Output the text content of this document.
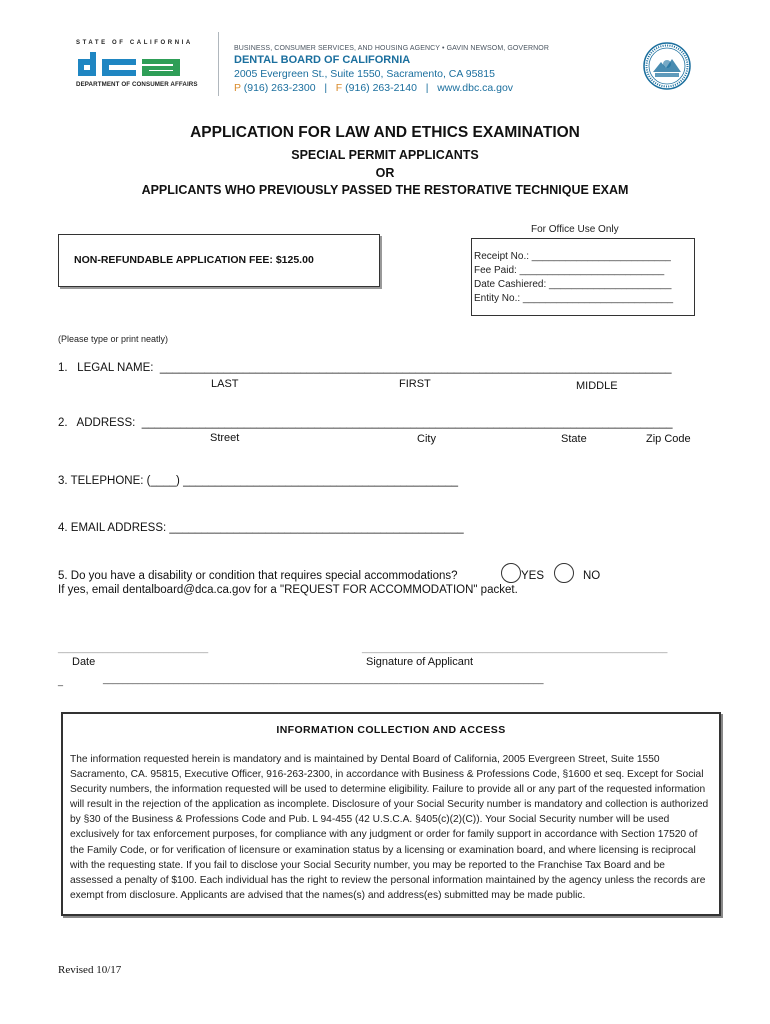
STATE OF CALIFORNIA
dca
DEPARTMENT OF CONSUMER AFFAIRS
BUSINESS, CONSUMER SERVICES, AND HOUSING AGENCY • GAVIN NEWSOM, GOVERNOR
DENTAL BOARD OF CALIFORNIA
2005 Evergreen St., Suite 1550, Sacramento, CA 95815
P (916) 263-2300   |   F (916) 263-2140   |   www.dbc.ca.gov
APPLICATION FOR LAW AND ETHICS EXAMINATION
SPECIAL PERMIT APPLICANTS
OR
APPLICANTS WHO PREVIOUSLY PASSED THE RESTORATIVE TECHNIQUE EXAM
NON-REFUNDABLE APPLICATION FEE: $125.00
For Office Use Only
Receipt No.: _________________________
Fee Paid: __________________________
Date Cashiered: ______________________
Entity No.: ___________________________
(Please type or print neatly)
1.   LEGAL NAME:  ________________________________________________________________________________
LAST	FIRST	MIDDLE
2.   ADDRESS:  ___________________________________________________________________________________
Street	City	State	Zip Code
3. TELEPHONE: (____) ___________________________________________
4. EMAIL ADDRESS: ______________________________________________
5. Do you have a disability or condition that requires special accommodations?	YES	NO
If yes, email dentalboard@dca.ca.gov for a "REQUEST FOR ACCOMMODATION" packet.
______________________________	_____________________________________________________________
Date	Signature of Applicant
_	________________________________________________________________________________________
INFORMATION COLLECTION AND ACCESS
The information requested herein is mandatory and is maintained by Dental Board of California, 2005 Evergreen Street, Suite 1550 Sacramento, CA. 95815, Executive Officer, 916-263-2300, in accordance with Business & Professions Code, §1600 et seq. Except for Social Security numbers, the information requested will be used to determine eligibility. Failure to provide all or any part of the requested information will result in the rejection of the application as incomplete. Disclosure of your Social Security number is mandatory and collection is authorized by §30 of the Business & Professions Code and Pub. L 94-455 (42 U.S.C.A. §405(c)(2)(C)). Your Social Security number will be used exclusively for tax enforcement purposes, for compliance with any judgment or order for family support in accordance with Section 17520 of the Family Code, or for verification of licensure or examination status by a licensing or examination board, and where licensing is reciprocal with the requesting state. If you fail to disclose your Social Security number, you may be reported to the Franchise Tax Board and be assessed a penalty of $100. Each individual has the right to review the personal information maintained by the agency unless the records are exempt from disclosure. Applicants are advised that the names(s) and address(es) submitted may be made public.
Revised 10/17
